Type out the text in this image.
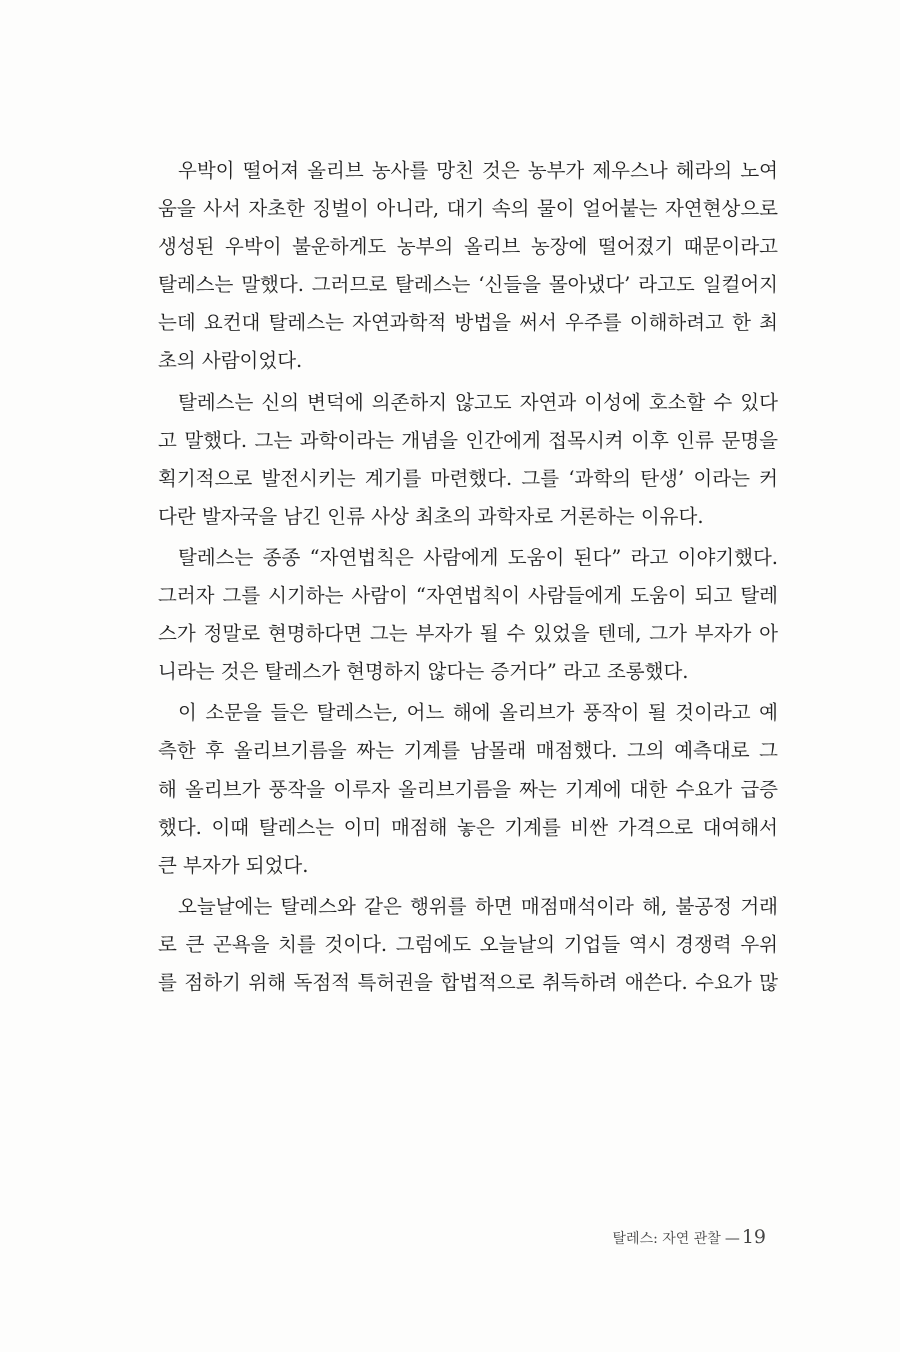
우박이 떨어져 올리브 농사를 망친 것은 농부가 제우스나 헤라의 노여
움을 사서 자초한 징벌이 아니라, 대기 속의 물이 얼어붙는 자연현상으로
생성된 우박이 불운하게도 농부의 올리브 농장에 떨어졌기 때문이라고
탈레스는 말했다. 그러므로 탈레스는 ‘신들을 몰아냈다’ 라고도 일컬어지
는데 요컨대 탈레스는 자연과학적 방법을 써서 우주를 이해하려고 한 최
초의 사람이었다.
탈레스는 신의 변덕에 의존하지 않고도 자연과 이성에 호소할 수 있다
고 말했다. 그는 과학이라는 개념을 인간에게 접목시켜 이후 인류 문명을
획기적으로 발전시키는 계기를 마련했다. 그를 ‘과학의 탄생’ 이라는 커
다란 발자국을 남긴 인류 사상 최초의 과학자로 거론하는 이유다.
탈레스는 종종 “자연법칙은 사람에게 도움이 된다” 라고 이야기했다.
그러자 그를 시기하는 사람이 “자연법칙이 사람들에게 도움이 되고 탈레
스가 정말로 현명하다면 그는 부자가 될 수 있었을 텐데, 그가 부자가 아
니라는 것은 탈레스가 현명하지 않다는 증거다” 라고 조롱했다.
이 소문을 들은 탈레스는, 어느 해에 올리브가 풍작이 될 것이라고 예
측한 후 올리브기름을 짜는 기계를 남몰래 매점했다. 그의 예측대로 그
해 올리브가 풍작을 이루자 올리브기름을 짜는 기계에 대한 수요가 급증
했다. 이때 탈레스는 이미 매점해 놓은 기계를 비싼 가격으로 대여해서
큰 부자가 되었다.
오늘날에는 탈레스와 같은 행위를 하면 매점매석이라 해, 불공정 거래
로 큰 곤욕을 치를 것이다. 그럼에도 오늘날의 기업들 역시 경쟁력 우위
를 점하기 위해 독점적 특허권을 합법적으로 취득하려 애쓴다. 수요가 많
탈레스: 자연 관찰 — 19
